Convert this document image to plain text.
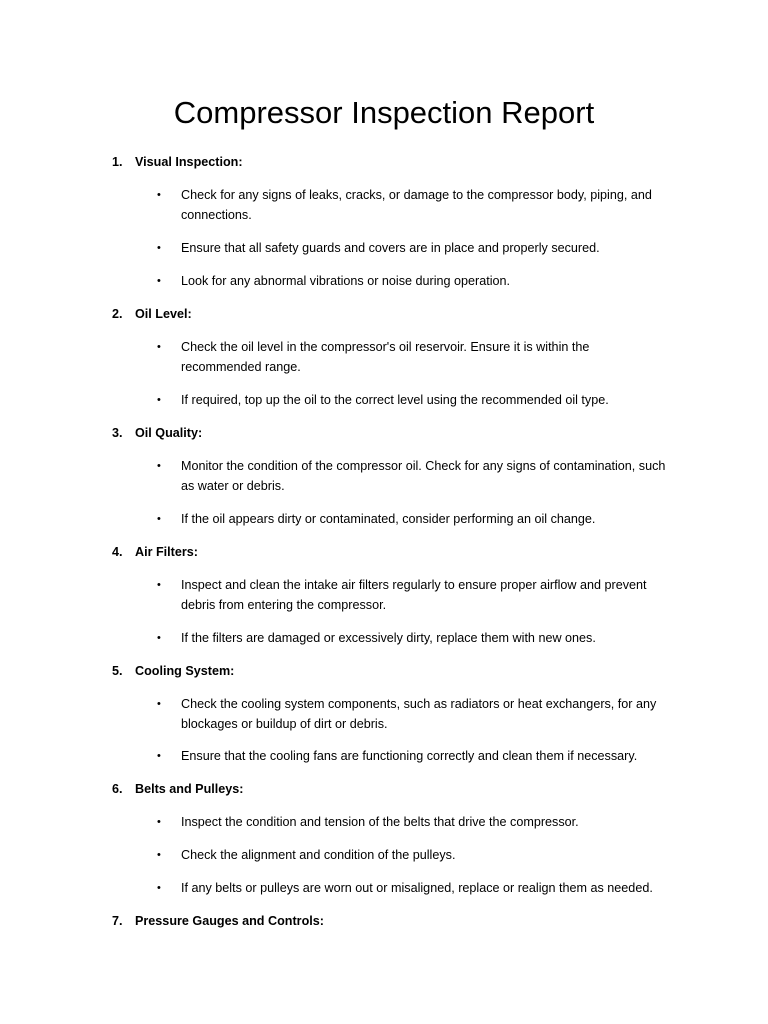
Compressor Inspection Report
1. Visual Inspection:
•	Check for any signs of leaks, cracks, or damage to the compressor body, piping, and
connections.
•	Ensure that all safety guards and covers are in place and properly secured.
•	Look for any abnormal vibrations or noise during operation.
2. Oil Level:
•	Check the oil level in the compressor's oil reservoir. Ensure it is within the
recommended range.
•	If required, top up the oil to the correct level using the recommended oil type.
3. Oil Quality:
•	Monitor the condition of the compressor oil. Check for any signs of contamination, such
as water or debris.
•	If the oil appears dirty or contaminated, consider performing an oil change.
4. Air Filters:
•	Inspect and clean the intake air filters regularly to ensure proper airflow and prevent
debris from entering the compressor.
•	If the filters are damaged or excessively dirty, replace them with new ones.
5. Cooling System:
•	Check the cooling system components, such as radiators or heat exchangers, for any
blockages or buildup of dirt or debris.
•	Ensure that the cooling fans are functioning correctly and clean them if necessary.
6. Belts and Pulleys:
•	Inspect the condition and tension of the belts that drive the compressor.
•	Check the alignment and condition of the pulleys.
•	If any belts or pulleys are worn out or misaligned, replace or realign them as needed.
7. Pressure Gauges and Controls:
